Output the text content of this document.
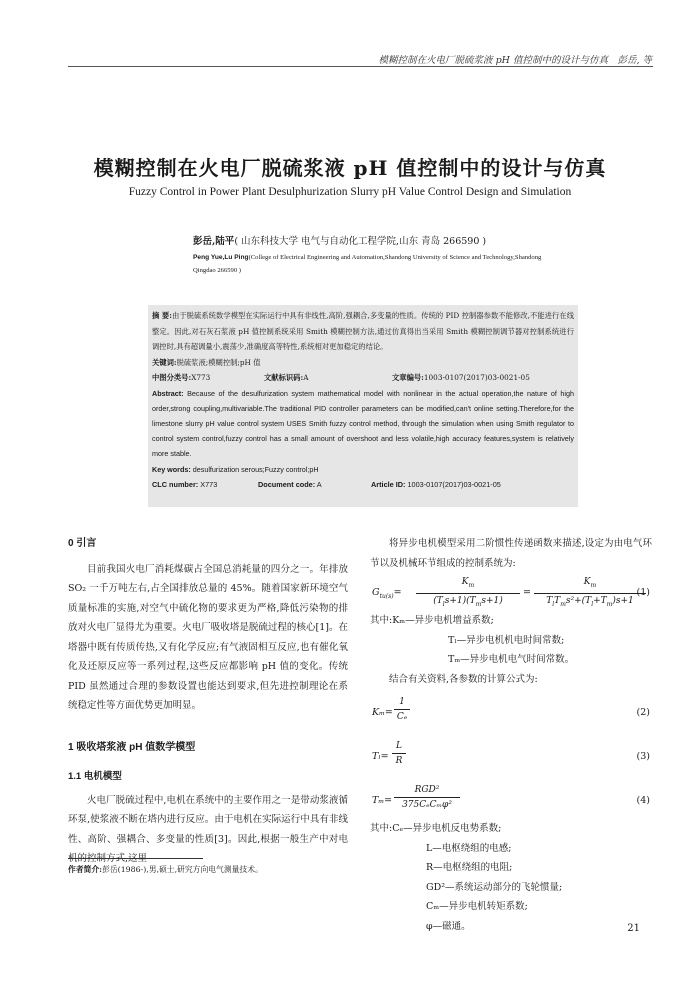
模糊控制在火电厂脱硫浆液 pH 值控制中的设计与仿真　彭岳, 等
模糊控制在火电厂脱硫浆液 pH 值控制中的设计与仿真
Fuzzy Control in Power Plant Desulphurization Slurry pH Value Control Design and Simulation
彭岳,陆平( 山东科技大学 电气与自动化工程学院,山东 青岛 266590 )
Peng Yue,Lu Ping(College of Electrical Engineering and Automation,Shandong University of Science and Technology,Shandong Qingdao 266590 )
摘 要:由于脱硫系统数学模型在实际运行中具有非线性,高阶,强耦合,多变量的性质。传统的 PID 控制器参数不能修改,不能进行在线整定。因此,对石灰石浆液 pH 值控制系统采用 Smith 模糊控制方法,通过仿真得出当采用 Smith 模糊控制调节器对控制系统进行调控时,具有超调量小,震荡少,准确度高等特性,系统相对更加稳定的结论。
关键词:脱硫浆液;模糊控制;pH 值
中图分类号:X773	文献标识码:A	文章编号:1003-0107(2017)03-0021-05
Abstract: Because of the desulfurization system mathematical model with nonlinear in the actual operation,the nature of high order,strong coupling,multivariable.The traditional PID controller parameters can be modified,can't online setting.Therefore,for the limestone slurry pH value control system USES Smith fuzzy control method, through the simulation when using Smith regulator to control system control,fuzzy control has a small amount of overshoot and less volatile,high accuracy features,system is relatively more stable.
Key words: desulfurization serous;Fuzzy control;pH
CLC number: X773	Document code: A	Article ID: 1003-0107(2017)03-0021-05
0 引言
目前我国火电厂消耗煤碳占全国总消耗量的四分之一。年排放 SO₂ 一千万吨左右,占全国排放总量的 45%。随着国家新环境空气质量标准的实施,对空气中硫化物的要求更为严格,降低污染物的排放对火电厂显得尤为重要。火电厂吸收塔是脱硫过程的核心[1]。在塔器中既有传质传热,又有化学反应;有气液固相互反应,也有催化氧化及还原反应等一系列过程,这些反应都影响 pH 值的变化。传统 PID 虽然通过合理的参数设置也能达到要求,但先进控制理论在系统稳定性等方面优势更加明显。
1 吸收塔浆液 pH 值数学模型
1.1 电机模型
火电厂脱硫过程中,电机在系统中的主要作用之一是带动浆液循环泵,使浆液不断在塔内进行反应。由于电机在实际运行中具有非线性、高阶、强耦合、多变量的性质[3]。因此,根据一般生产中对电机的控制方式,这里
将异步电机模型采用二阶惯性传递函数来描述,设定为由电气环节以及机械环节组成的控制系统为:
$G_{tu(s)}=$
$K_m$
$(T_ls+1)(T_ms+1)$
=
$K_m$
$T_lT_ms^2+(T_l+T_m)s+1$
(1)
其中:Kₘ—异步电机增益系数;
Tₗ—异步电机机电时间常数;
Tₘ—异步电机电气时间常数。
结合有关资料,各参数的计算公式为:
$K_m= \frac{1}{\text{Cₑ}}$	(2)
$T_l= \frac{L}{R}$	(3)
Tₘ=
RGD²
375CₑCₘφ²	(4)
其中:Cₑ—异步电机反电势系数;
L—电枢绕组的电感;
R—电枢绕组的电阻;
GD²—系统运动部分的飞轮惯量;
Cₘ—异步电机转矩系数;
φ—磁通。
作者简介:彭岳(1986-),男,硕士,研究方向电气测量技术。
21
